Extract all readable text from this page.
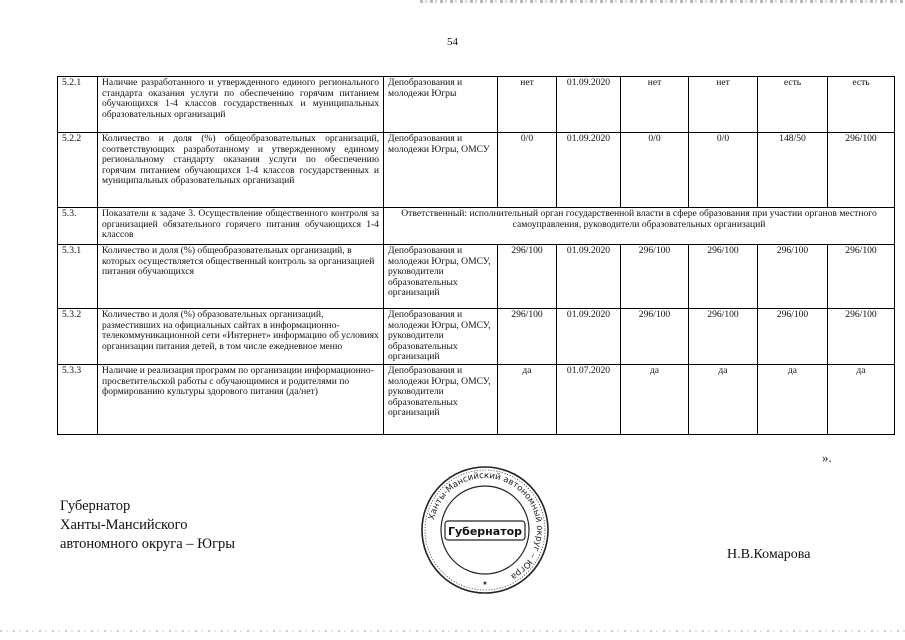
54
5.2.1	Наличие разработанного и утвержденного единого регионального стандарта оказания услуги по обеспечению горячим питанием обучающихся 1-4 классов государственных и муниципальных образовательных организаций	Депобразования и молодежи Югры	нет	01.09.2020	нет	нет	есть	есть
5.2.2	Количество и доля (%) общеобразовательных организаций, соответствующих разработанному и утвержденному единому региональному стандарту оказания услуги по обеспечению горячим питанием обучающихся 1-4 классов государственных и муниципальных образовательных организаций	Депобразования и молодежи Югры, ОМСУ	0/0	01.09.2020	0/0	0/0	148/50	296/100
5.3.	Показатели к задаче 3. Осуществление общественного контроля за организацией обязательного горячего питания обучающихся 1-4 классов	Ответственный: исполнительный орган государственной власти в сфере образования при участии органов местного самоуправления, руководители образовательных организаций						
5.3.1	Количество и доля (%) общеобразовательных организаций, в которых осуществляется общественный контроль за организацией питания обучающихся	Депобразования и молодежи Югры, ОМСУ, руководители образовательных организаций	296/100	01.09.2020	296/100	296/100	296/100	296/100
5.3.2	Количество и доля (%) образовательных организаций, разместивших на официальных сайтах в информационно-телекоммуникационной сети «Интернет» информацию об условиях организации питания детей, в том числе ежедневное меню	Депобразования и молодежи Югры, ОМСУ, руководители образовательных организаций	296/100	01.09.2020	296/100	296/100	296/100	296/100
5.3.3	Наличие и реализация программ по организации информационно-просветительской работы с обучающимися и родителями по формированию культуры здорового питания (да/нет)	Депобразования и молодежи Югры, ОМСУ, руководители образовательных организаций	да	01.07.2020	да	да	да	да
».
Губернатор
Ханты-Мансийского
автономного округа – Югры
Ханты-Мансийский автономный округ – Югра
Губернатор
★
Н.В.Комарова
